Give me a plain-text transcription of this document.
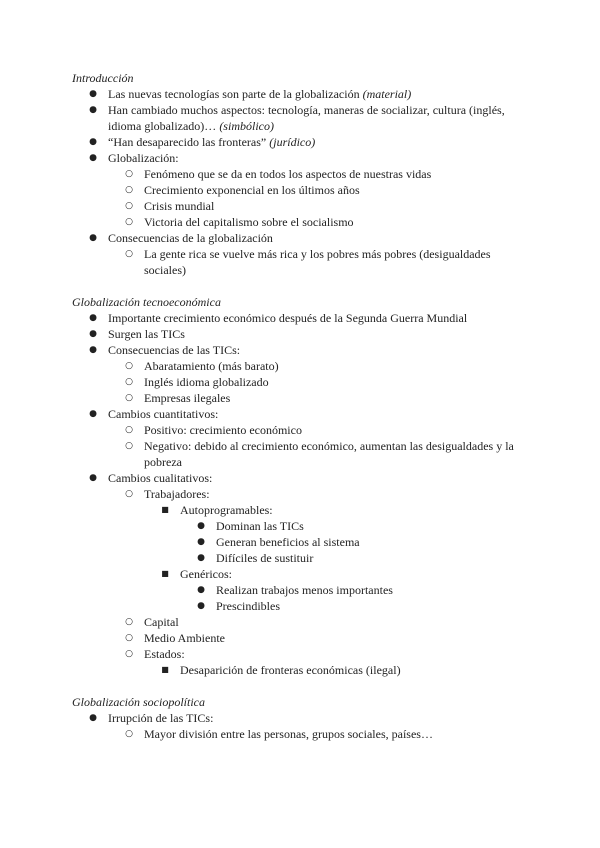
Introducción

● Las nuevas tecnologías son parte de la globalización (material)
● Han cambiado muchos aspectos: tecnología, maneras de socializar, cultura (inglés, idioma globalizado)… (simbólico)
● “Han desaparecido las fronteras” (jurídico)
● Globalización:
○ Fenómeno que se da en todos los aspectos de nuestras vidas
○ Crecimiento exponencial en los últimos años
○ Crisis mundial
○ Victoria del capitalismo sobre el socialismo
● Consecuencias de la globalización
○ La gente rica se vuelve más rica y los pobres más pobres (desigualdades sociales)

Globalización tecnoeconómica

● Importante crecimiento económico después de la Segunda Guerra Mundial
● Surgen las TICs
● Consecuencias de las TICs:
○ Abaratamiento (más barato)
○ Inglés idioma globalizado
○ Empresas ilegales
● Cambios cuantitativos:
○ Positivo: crecimiento económico
○ Negativo: debido al crecimiento económico, aumentan las desigualdades y la pobreza
● Cambios cualitativos:
○ Trabajadores:
■ Autoprogramables:
● Dominan las TICs
● Generan beneficios al sistema
● Difíciles de sustituir
■ Genéricos:
● Realizan trabajos menos importantes
● Prescindibles
○ Capital
○ Medio Ambiente
○ Estados:
■ Desaparición de fronteras económicas (ilegal)

Globalización sociopolítica

● Irrupción de las TICs:
○ Mayor división entre las personas, grupos sociales, países…
